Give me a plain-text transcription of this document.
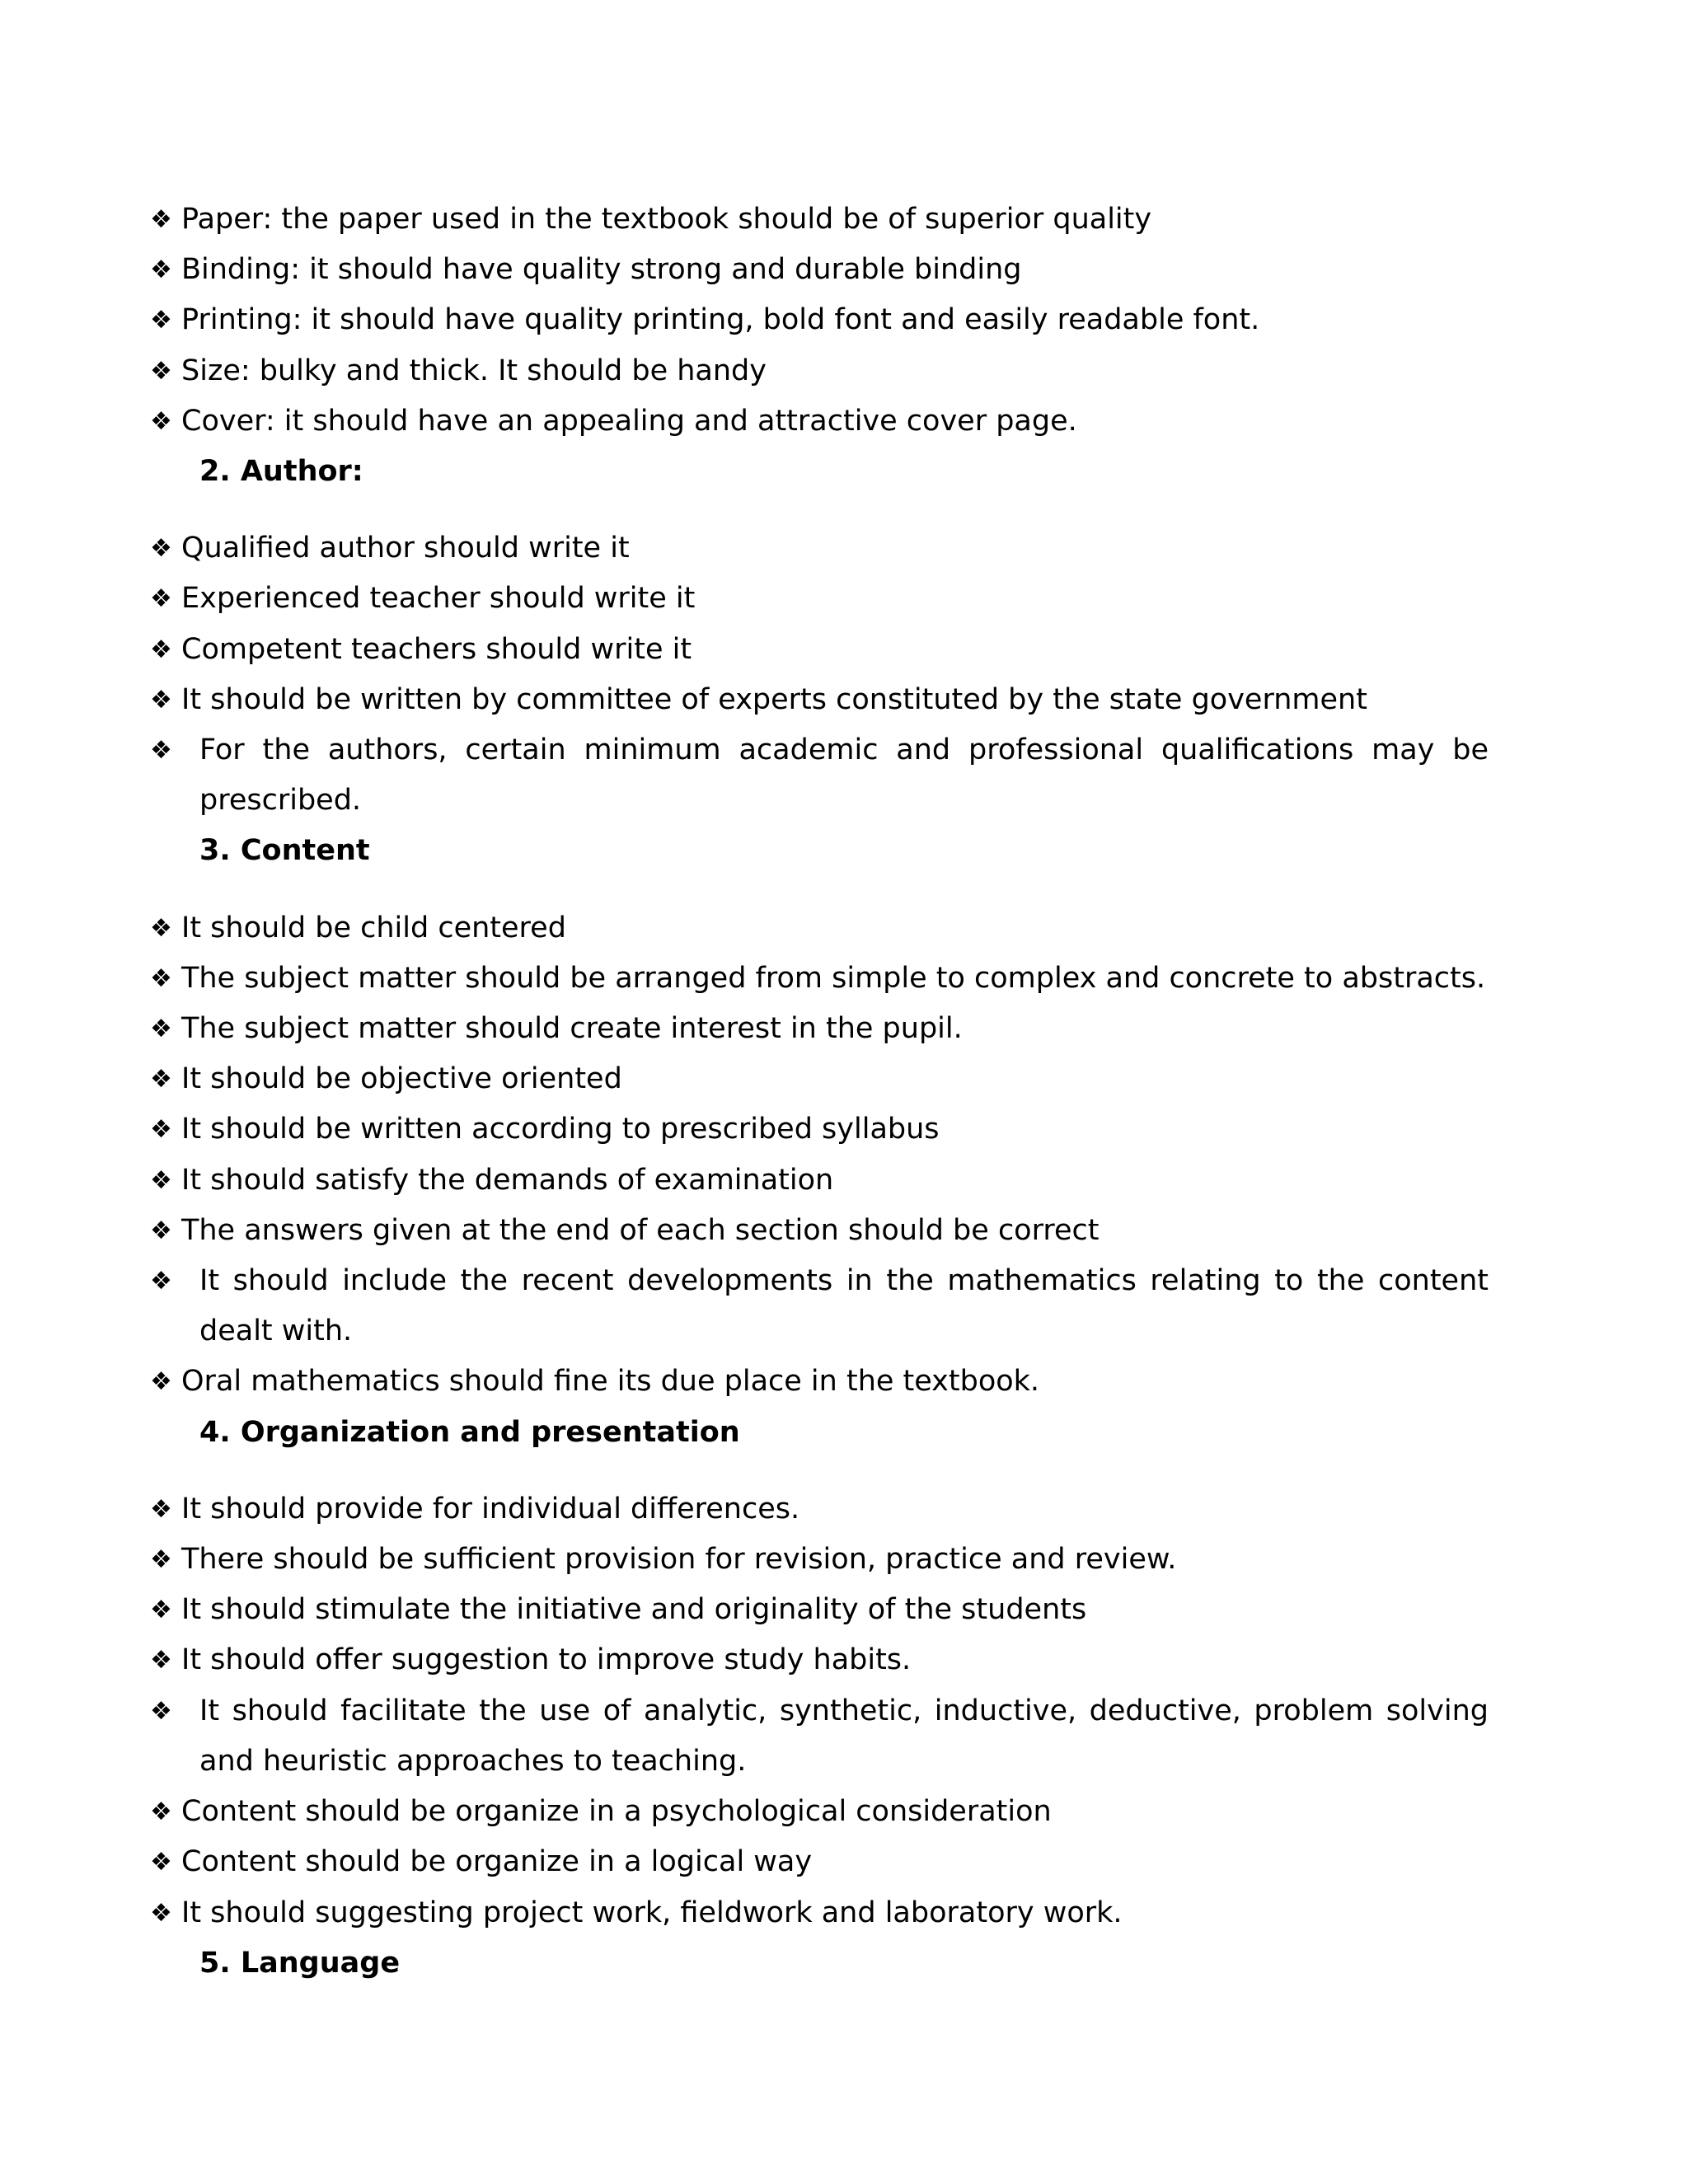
❖ Paper: the paper used in the textbook should be of superior quality
❖ Binding: it should have quality strong and durable binding
❖ Printing: it should have quality printing, bold font and easily readable font.
❖ Size: bulky and thick. It should be handy
❖ Cover: it should have an appealing and attractive cover page.
2. Author:
❖ Qualified author should write it
❖ Experienced teacher should write it
❖ Competent teachers should write it
❖ It should be written by committee of experts constituted by the state government
❖ For the authors, certain minimum academic and professional qualifications may be prescribed.
3. Content
❖ It should be child centered
❖ The subject matter should be arranged from simple to complex and concrete to abstracts.
❖ The subject matter should create interest in the pupil.
❖ It should be objective oriented
❖ It should be written according to prescribed syllabus
❖ It should satisfy the demands of examination
❖ The answers given at the end of each section should be correct
❖ It should include the recent developments in the mathematics relating to the content dealt with.
❖ Oral mathematics should fine its due place in the textbook.
4. Organization and presentation
❖ It should provide for individual differences.
❖ There should be sufficient provision for revision, practice and review.
❖ It should stimulate the initiative and originality of the students
❖ It should offer suggestion to improve study habits.
❖ It should facilitate the use of analytic, synthetic, inductive, deductive, problem solving and heuristic approaches to teaching.
❖ Content should be organize in a psychological consideration
❖ Content should be organize in a logical way
❖ It should suggesting project work, fieldwork and laboratory work.
5. Language
